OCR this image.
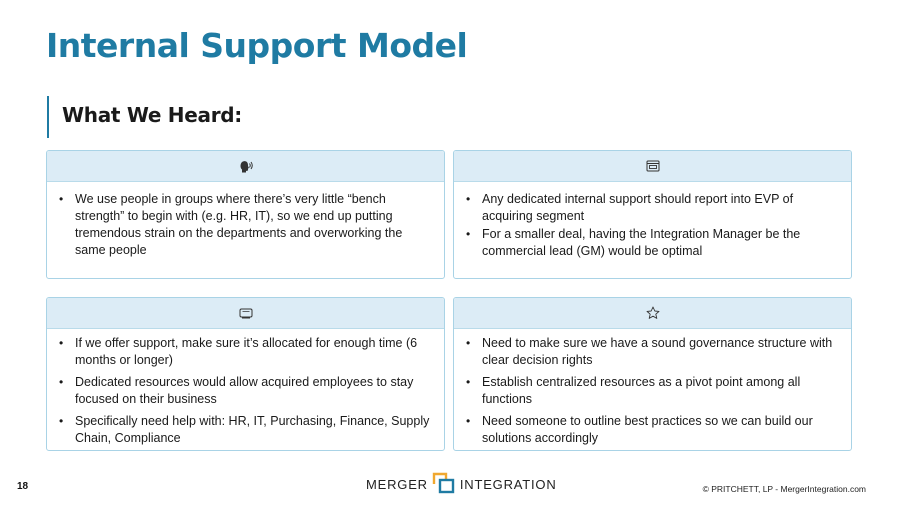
Internal Support Model
What We Heard:
• We use people in groups where there’s very little “bench strength” to begin with (e.g. HR, IT), so we end up putting tremendous strain on the departments and overworking the same people
• Any dedicated internal support should report into EVP of acquiring segment
• For a smaller deal, having the Integration Manager be the commercial lead (GM) would be optimal
• If we offer support, make sure it’s allocated for enough time (6 months or longer)
• Dedicated resources would allow acquired employees to stay focused on their business
• Specifically need help with: HR, IT, Purchasing, Finance, Supply Chain, Compliance
• Need to make sure we have a sound governance structure with clear decision rights
• Establish centralized resources as a pivot point among all functions
• Need someone to outline best practices so we can build our solutions accordingly
18	MERGER INTEGRATION	© PRITCHETT, LP - MergerIntegration.com
